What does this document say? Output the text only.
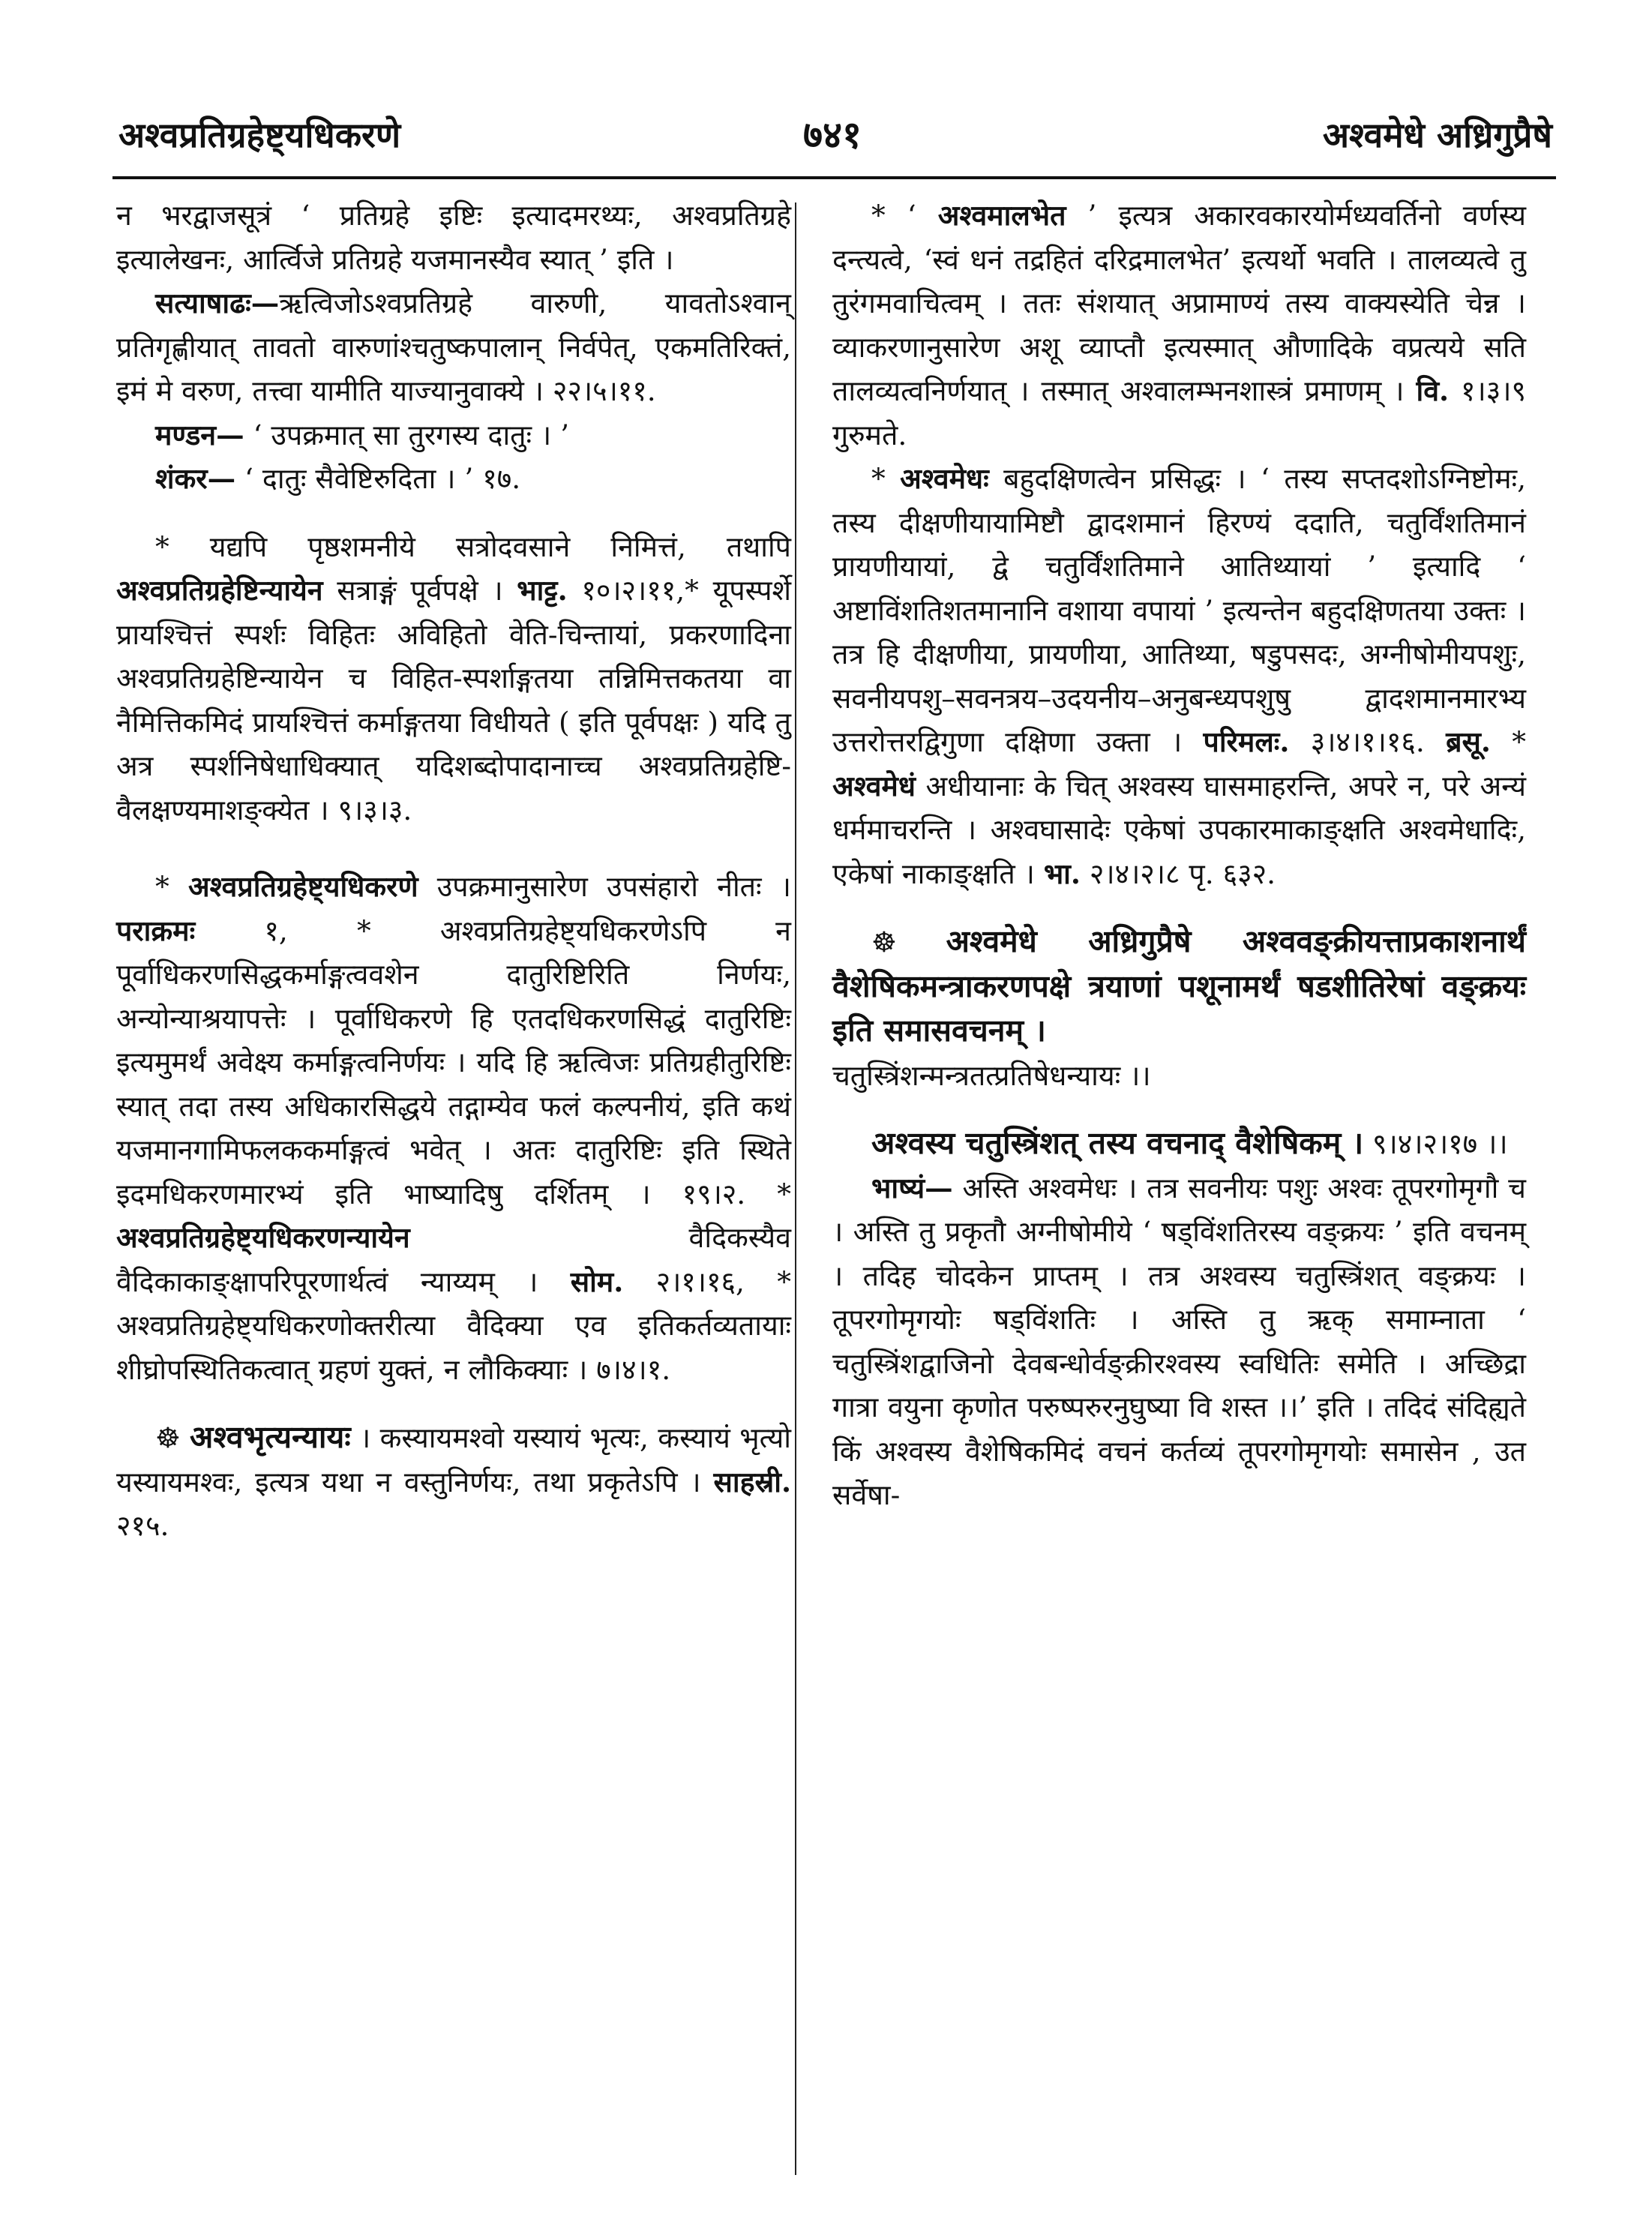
अश्वप्रतिग्रहेष्ट्यधिकरणे	७४१	अश्वमेधे अध्रिगुप्रैषे

न भरद्वाजसूत्रं ‘ प्रतिग्रहे इष्टिः इत्यादमरथ्यः, अश्वप्रतिग्रहे इत्यालेखनः, आर्त्विजे प्रतिग्रहे यजमानस्यैव स्यात् ’ इति ।

सत्याषाढः—ऋत्विजोऽश्वप्रतिग्रहे वारुणी, यावतोऽश्वान् प्रतिगृह्णीयात् तावतो वारुणांश्चतुष्कपालान् निर्वपेत्, एकमतिरिक्तं, इमं मे वरुण, तत्त्वा यामीति याज्यानुवाक्ये । २२।५।११.

मण्डन— ‘ उपक्रमात् सा तुरगस्य दातुः । ’

शंकर— ‘ दातुः सैवेष्टिरुदिता । ’ १७.

* यद्यपि पृष्ठशमनीये सत्रोदवसाने निमित्तं, तथापि अश्वप्रतिग्रहेष्टिन्यायेन सत्राङ्गं पूर्वपक्षे । भाट्ट. १०।२।११,* यूपस्पर्शे प्रायश्चित्तं स्पर्शः विहितः अविहितो वेति-चिन्तायां, प्रकरणादिना अश्वप्रतिग्रहेष्टिन्यायेन च विहित-स्पर्शाङ्गतया तन्निमित्तकतया वा नैमित्तिकमिदं प्रायश्चित्तं कर्माङ्गतया विधीयते ( इति पूर्वपक्षः ) यदि तु अत्र स्पर्शनिषेधाधिक्यात् यदिशब्दोपादानाच्च अश्वप्रतिग्रहेष्टि-वैलक्षण्यमाशङ्क्येत । ९।३।३.

* अश्वप्रतिग्रहेष्ट्यधिकरणे उपक्रमानुसारेण उपसंहारो नीतः । पराक्रमः १, * अश्वप्रतिग्रहेष्ट्यधिकरणेऽपि न पूर्वाधिकरणसिद्धकर्माङ्गत्ववशेन दातुरिष्टिरिति निर्णयः, अन्योन्याश्रयापत्तेः । पूर्वाधिकरणे हि एतदधिकरणसिद्धं दातुरिष्टिः इत्यमुमर्थं अवेक्ष्य कर्माङ्गत्वनिर्णयः । यदि हि ऋत्विजः प्रतिग्रहीतुरिष्टिः स्यात् तदा तस्य अधिकारसिद्धये तद्गाम्येव फलं कल्पनीयं, इति कथं यजमानगामिफलककर्माङ्गत्वं भवेत् । अतः दातुरिष्टिः इति स्थिते इदमधिकरणमारभ्यं इति भाष्यादिषु दर्शितम् । १९।२. * अश्वप्रतिग्रहेष्ट्यधिकरणन्यायेन वैदिकस्यैव वैदिकाकाङ्क्षापरिपूरणार्थत्वं न्याय्यम् । सोम. २।१।१६, * अश्वप्रतिग्रहेष्ट्यधिकरणोक्तरीत्या वैदिक्या एव इतिकर्तव्यतायाः शीघ्रोपस्थितिकत्वात् ग्रहणं युक्तं, न लौकिक्याः । ७।४।१.

☸ अश्वभृत्यन्यायः । कस्यायमश्वो यस्यायं भृत्यः, कस्यायं भृत्यो यस्यायमश्वः, इत्यत्र यथा न वस्तुनिर्णयः, तथा प्रकृतेऽपि । साहस्री. २१५.

* ‘ अश्वमालभेत ’ इत्यत्र अकारवकारयोर्मध्यवर्तिनो वर्णस्य दन्त्यत्वे, ‘स्वं धनं तद्रहितं दरिद्रमालभेत’ इत्यर्थो भवति । तालव्यत्वे तु तुरंगमवाचित्वम् । ततः संशयात् अप्रामाण्यं तस्य वाक्यस्येति चेन्न । व्याकरणानुसारेण अशू व्याप्तौ इत्यस्मात् औणादिके वप्रत्यये सति तालव्यत्वनिर्णयात् । तस्मात् अश्वालम्भनशास्त्रं प्रमाणम् । वि. १।३।९ गुरुमते.

* अश्वमेधः बहुदक्षिणत्वेन प्रसिद्धः । ‘ तस्य सप्तदशोऽग्निष्टोमः, तस्य दीक्षणीयायामिष्टौ द्वादशमानं हिरण्यं ददाति, चतुर्विंशतिमानं प्रायणीयायां, द्वे चतुर्विंशतिमाने आतिथ्यायां ’ इत्यादि ‘ अष्टाविंशतिशतमानानि वशाया वपायां ’ इत्यन्तेन बहुदक्षिणतया उक्तः । तत्र हि दीक्षणीया, प्रायणीया, आतिथ्या, षडुपसदः, अग्नीषोमीयपशुः, सवनीयपशु–सवनत्रय–उदयनीय–अनुबन्ध्यपशुषु द्वादशमानमारभ्य उत्तरोत्तरद्विगुणा दक्षिणा उक्ता । परिमलः. ३।४।१।१६. ब्रसू. * अश्वमेधं अधीयानाः के चित् अश्वस्य घासमाहरन्ति, अपरे न, परे अन्यं धर्ममाचरन्ति । अश्वघासादेः एकेषां उपकारमाकाङ्क्षति अश्वमेधादिः, एकेषां नाकाङ्क्षति । भा. २।४।२।८ पृ. ६३२.

☸ अश्वमेधे अध्रिगुप्रैषे अश्ववङ्क्रीयत्ताप्रकाशनार्थं वैशेषिकमन्त्राकरणपक्षे त्रयाणां पशूनामर्थं षडशीतिरेषां वङ्क्रयः इति समासवचनम् ।

चतुस्त्रिंशन्मन्त्रतत्प्रतिषेधन्यायः ।।

अश्वस्य चतुस्त्रिंशत् तस्य वचनाद् वैशेषिकम् । ९।४।२।१७ ।।

भाष्यं— अस्ति अश्वमेधः । तत्र सवनीयः पशुः अश्वः तूपरगोमृगौ च । अस्ति तु प्रकृतौ अग्नीषोमीये ‘ षड्विंशतिरस्य वङ्क्रयः ’ इति वचनम् । तदिह चोदकेन प्राप्तम् । तत्र अश्वस्य चतुस्त्रिंशत् वङ्क्रयः । तूपरगोमृगयोः षड्विंशतिः । अस्ति तु ऋक् समाम्नाता ‘ चतुस्त्रिंशद्वाजिनो देवबन्धोर्वङ्क्रीरश्वस्य स्वधितिः समेति । अच्छिद्रा गात्रा वयुना कृणोत परुष्परुरनुघुष्या वि शस्त ।।’ इति । तदिदं संदिह्यते किं अश्वस्य वैशेषिकमिदं वचनं कर्तव्यं तूपरगोमृगयोः समासेन , उत सर्वेषा-
